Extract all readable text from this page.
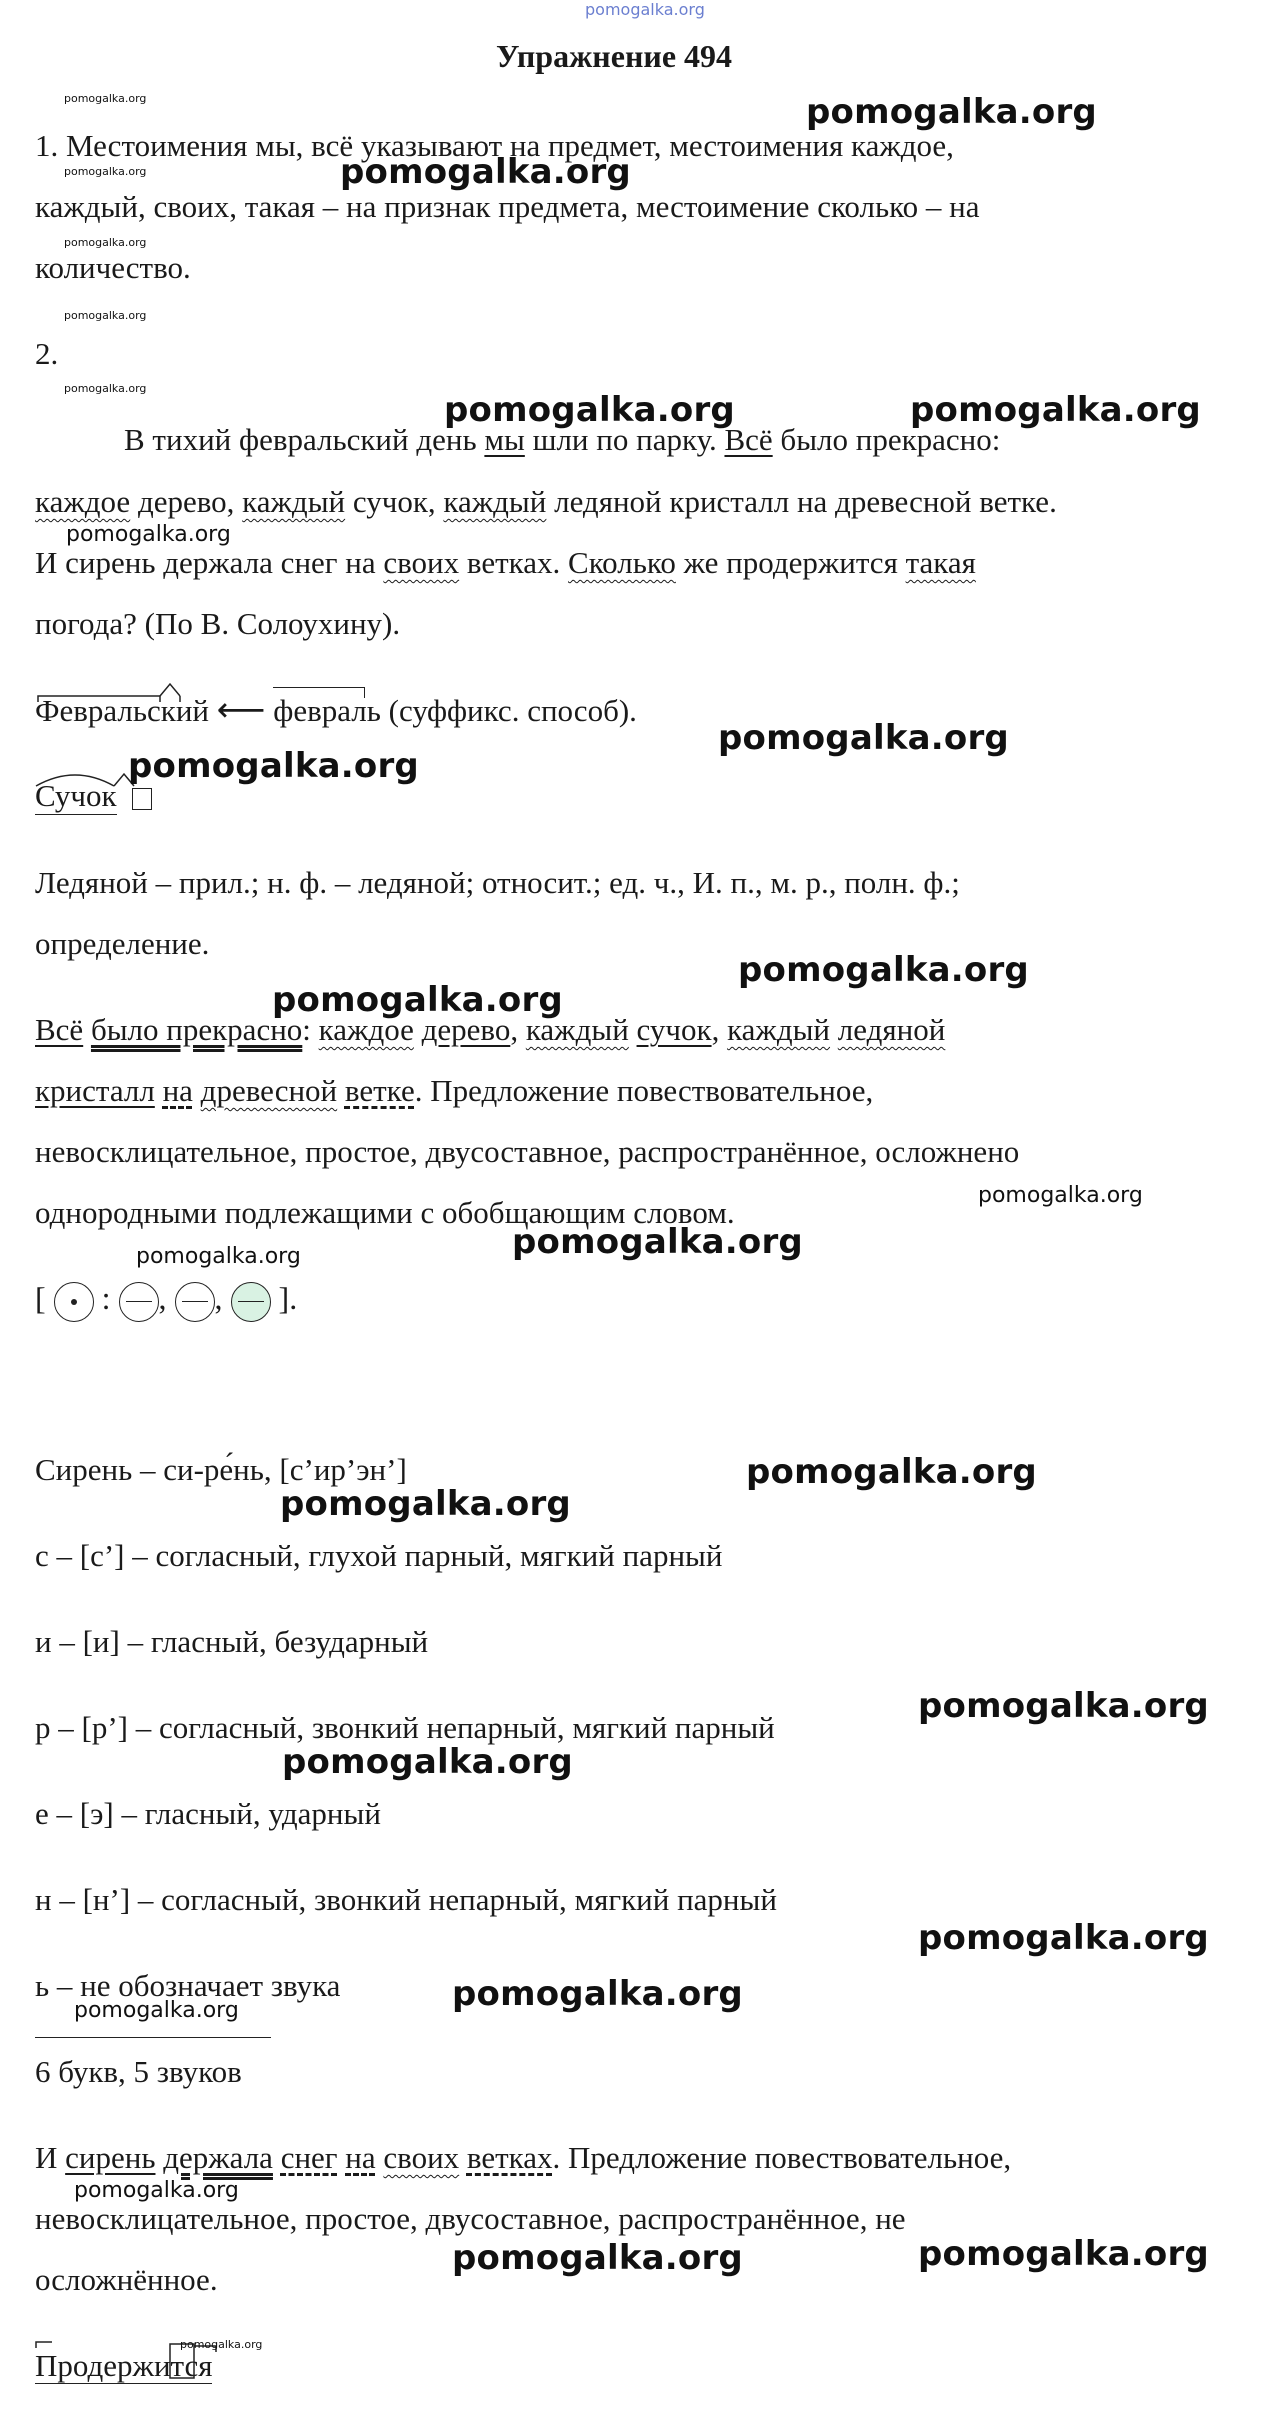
pomogalka.org
Упражнение 494
1. Местоимения мы, всё указывают на предмет, местоимения каждое,
каждый, своих, такая – на признак предмета, местоимение сколько – на
количество.
2.
В тихий февральский день мы шли по парку. Всё было прекрасно:
каждое дерево, каждый сучок, каждый ледяной кристалл на древесной ветке.
И сирень держала снег на своих ветках. Сколько же продержится такая
погода? (По В. Солоухину).
Февральский ⟵ февраль
(суффикс. способ).
Сучок
Ледяной – прил.; н. ф. – ледяной; относит.; ед. ч., И. п., м. р., полн. ф.;
определение.
Всё было прекрасно: каждое дерево, каждый сучок, каждый ледяной
кристалл на древесной ветке. Предложение повествовательное,
невосклицательное, простое, двусоставное, распространённое, осложнено
однородными подлежащими с обобщающим словом.
[ : , , ].
Сирень – си-ре́нь, [с’ир’эн’]
с – [с’] – согласный, глухой парный, мягкий парный
и – [и] – гласный, безударный
р – [р’] – согласный, звонкий непарный, мягкий парный
е – [э] – гласный, ударный
н – [н’] – согласный, звонкий непарный, мягкий парный
ь – не обозначает звука
6 букв, 5 звуков
И сирень держала снег на своих ветках. Предложение повествовательное,
невосклицательное, простое, двусоставное, распространённое, не
осложнённое.
Продержится
pomogalka.org
pomogalka.org
pomogalka.org
pomogalka.org
pomogalka.org
pomogalka.org
pomogalka.org
pomogalka.org
pomogalka.org	pomogalka.org
pomogalka.org
pomogalka.org
pomogalka.org
pomogalka.org
pomogalka.org
pomogalka.org
pomogalka.org
pomogalka.org
pomogalka.org
pomogalka.org
pomogalka.org
pomogalka.org
pomogalka.org
pomogalka.org
pomogalka.org
pomogalka.org
pomogalka.org	pomogalka.org
